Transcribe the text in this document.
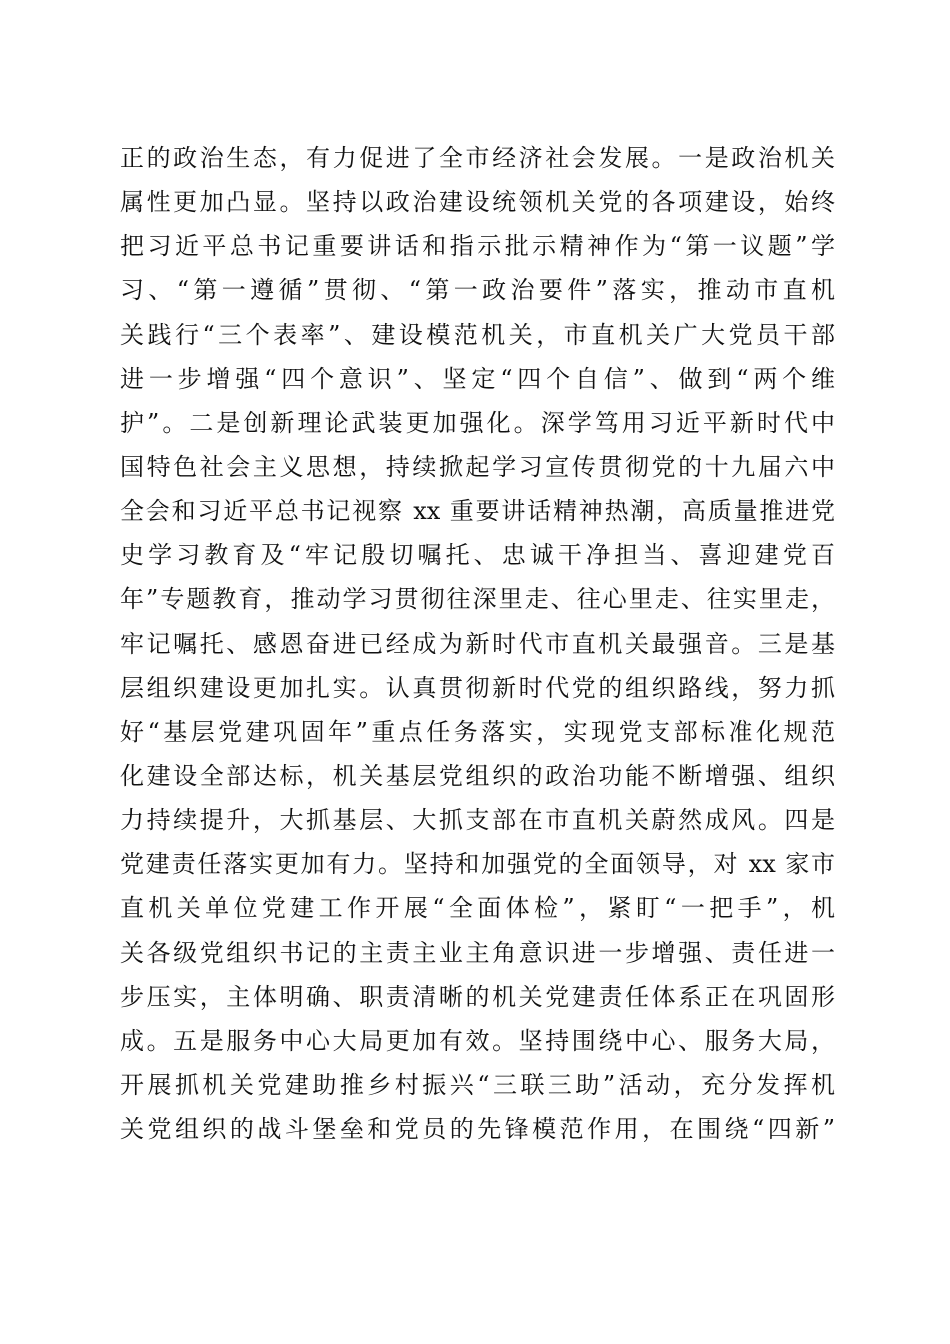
正的政治生态，有力促进了全市经济社会发展。一是政治机关
属性更加凸显。坚持以政治建设统领机关党的各项建设，始终
把习近平总书记重要讲话和指示批示精神作为“第一议题”学
习、“第一遵循”贯彻、“第一政治要件”落实，推动市直机
关践行“三个表率”、建设模范机关，市直机关广大党员干部
进一步增强“四个意识”、坚定“四个自信”、做到“两个维
护”。二是创新理论武装更加强化。深学笃用习近平新时代中
国特色社会主义思想，持续掀起学习宣传贯彻党的十九届六中
全会和习近平总书记视察 xx 重要讲话精神热潮，高质量推进党
史学习教育及“牢记殷切嘱托、忠诚干净担当、喜迎建党百
年”专题教育，推动学习贯彻往深里走、往心里走、往实里走，
牢记嘱托、感恩奋进已经成为新时代市直机关最强音。三是基
层组织建设更加扎实。认真贯彻新时代党的组织路线，努力抓
好“基层党建巩固年”重点任务落实，实现党支部标准化规范
化建设全部达标，机关基层党组织的政治功能不断增强、组织
力持续提升，大抓基层、大抓支部在市直机关蔚然成风。四是
党建责任落实更加有力。坚持和加强党的全面领导，对 xx 家市
直机关单位党建工作开展“全面体检”，紧盯“一把手”，机
关各级党组织书记的主责主业主角意识进一步增强、责任进一
步压实，主体明确、职责清晰的机关党建责任体系正在巩固形
成。五是服务中心大局更加有效。坚持围绕中心、服务大局，
开展抓机关党建助推乡村振兴“三联三助”活动，充分发挥机
关党组织的战斗堡垒和党员的先锋模范作用，在围绕“四新”
